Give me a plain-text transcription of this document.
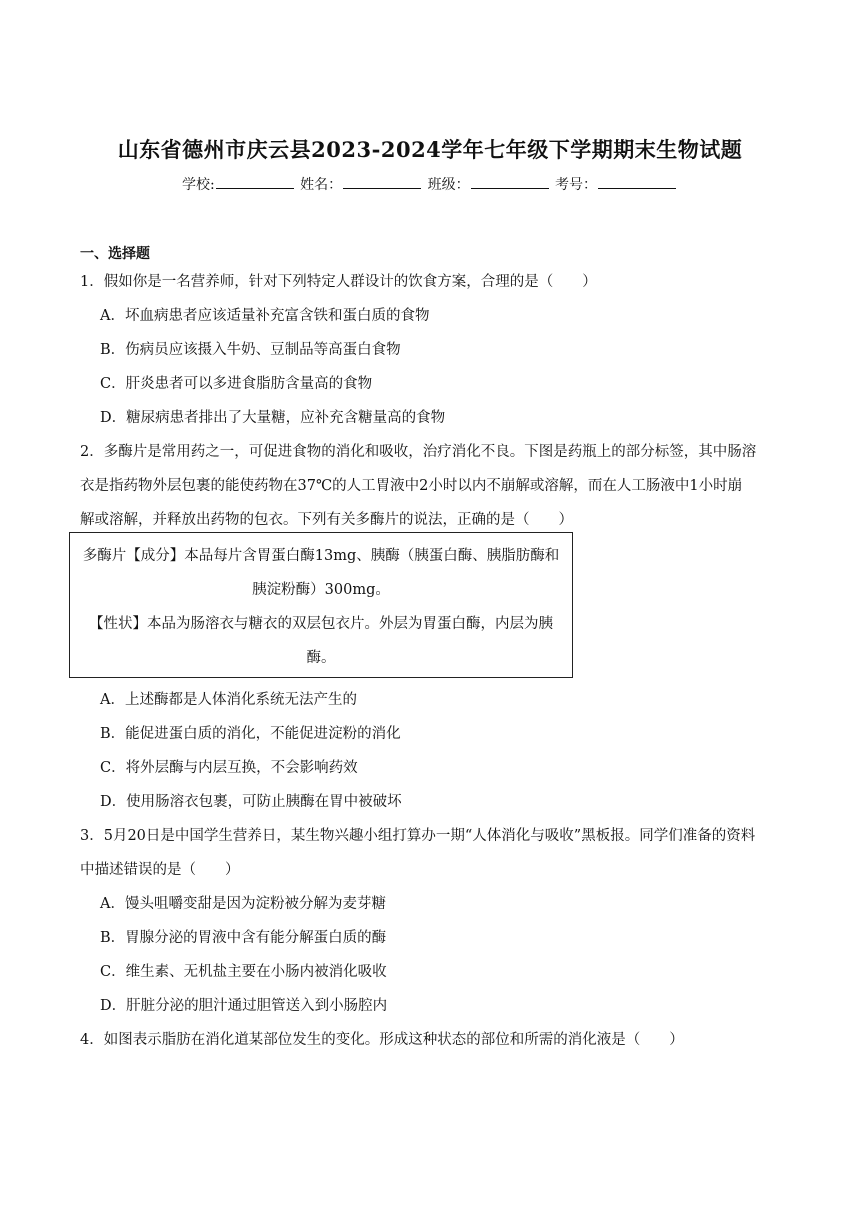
山东省德州市庆云县2023-2024学年七年级下学期期末生物试题
学校:	姓名：	班级：	考号：
一、选择题
1．假如你是一名营养师，针对下列特定人群设计的饮食方案，合理的是（　　）
A．坏血病患者应该适量补充富含铁和蛋白质的食物
B．伤病员应该摄入牛奶、豆制品等高蛋白食物
C．肝炎患者可以多进食脂肪含量高的食物
D．糖尿病患者排出了大量糖，应补充含糖量高的食物
2．多酶片是常用药之一，可促进食物的消化和吸收，治疗消化不良。下图是药瓶上的部分标签，其中肠溶
衣是指药物外层包裹的能使药物在37℃的人工胃液中2小时以内不崩解或溶解，而在人工肠液中1小时崩
解或溶解，并释放出药物的包衣。下列有关多酶片的说法，正确的是（　　）

多酶片【成分】本品每片含胃蛋白酶13mg、胰酶（胰蛋白酶、胰脂肪酶和

胰淀粉酶）300mg。

【性状】本品为肠溶衣与糖衣的双层包衣片。外层为胃蛋白酶，内层为胰

酶。

A．上述酶都是人体消化系统无法产生的
B．能促进蛋白质的消化，不能促进淀粉的消化
C．将外层酶与内层互换，不会影响药效
D．使用肠溶衣包裹，可防止胰酶在胃中被破坏
3．5月20日是中国学生营养日，某生物兴趣小组打算办一期“人体消化与吸收”黑板报。同学们准备的资料
中描述错误的是（　　）
A．馒头咀嚼变甜是因为淀粉被分解为麦芽糖
B．胃腺分泌的胃液中含有能分解蛋白质的酶
C．维生素、无机盐主要在小肠内被消化吸收
D．肝脏分泌的胆汁通过胆管送入到小肠腔内
4．如图表示脂肪在消化道某部位发生的变化。形成这种状态的部位和所需的消化液是（　　）
